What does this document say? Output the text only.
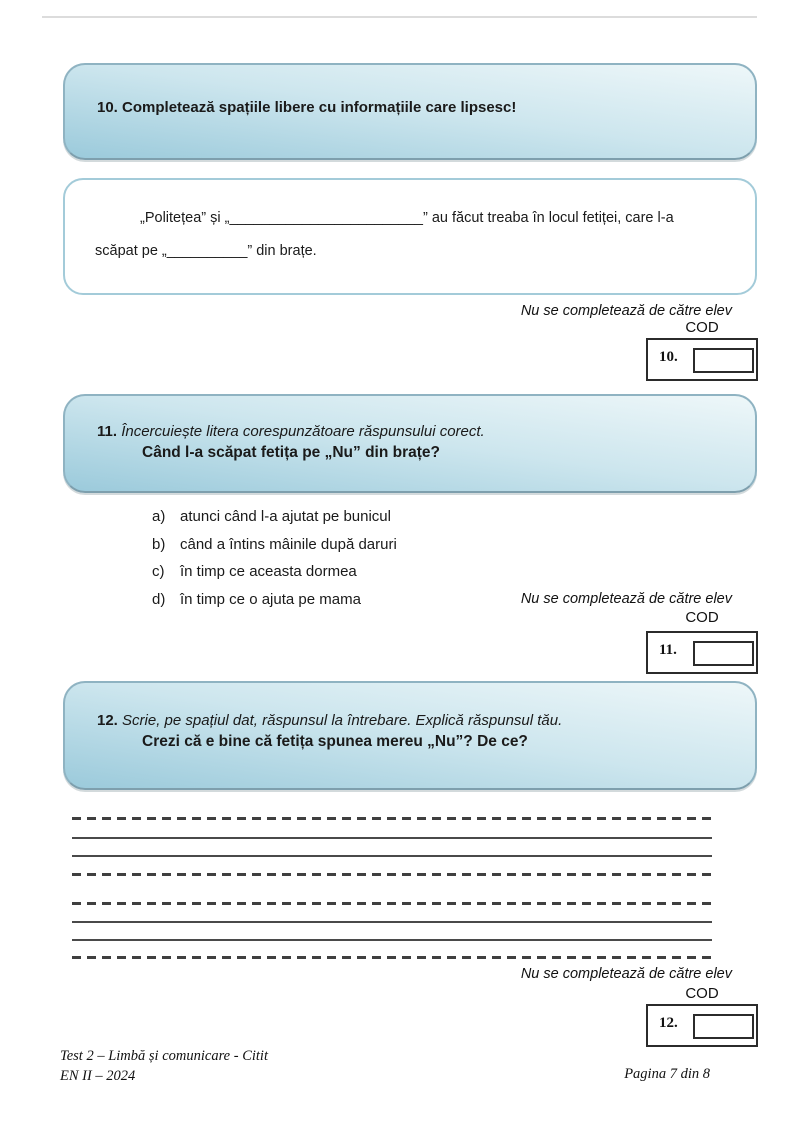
10. Completează spațiile libere cu informațiile care lipsesc!
„Politețea” și „________________________” au făcut treaba în locul fetiței, care l-a
scăpat pe „__________” din brațe.
Nu se completează de către elev
COD
10.
11. Încercuiește litera corespunzătoare răspunsului corect.
Când l-a scăpat fetița pe „Nu” din brațe?
a) atunci când l-a ajutat pe bunicul
b) când a întins mâinile după daruri
c)	în timp ce aceasta dormea
d) în timp ce o ajuta pe mama	Nu se completează de către elev
COD
11.
12. Scrie, pe spațiul dat, răspunsul la întrebare. Explică răspunsul tău.
Crezi că e bine că fetița spunea mereu „Nu”? De ce?
Nu se completează de către elev
COD
12.
Test 2 – Limbă și comunicare - Citit
EN II – 2024	Pagina 7 din 8
